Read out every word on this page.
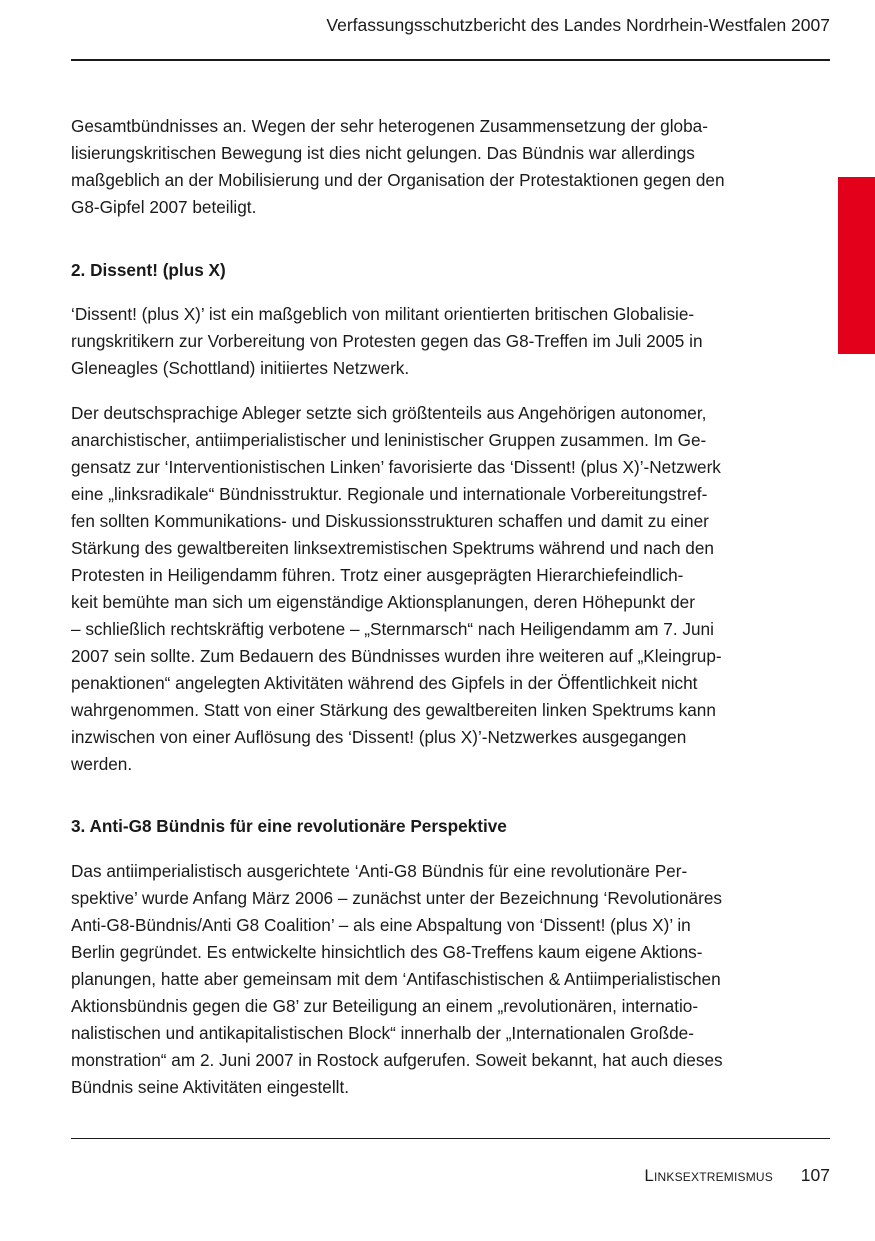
Verfassungsschutzbericht des Landes Nordrhein-Westfalen 2007
Gesamtbündnisses an. Wegen der sehr heterogenen Zusammensetzung der globa-
lisierungskritischen Bewegung ist dies nicht gelungen. Das Bündnis war allerdings
maßgeblich an der Mobilisierung und der Organisation der Protestaktionen gegen den
G8-Gipfel 2007 beteiligt.
2. Dissent! (plus X)
‘Dissent! (plus X)’ ist ein maßgeblich von militant orientierten britischen Globalisie-
rungskritikern zur Vorbereitung von Protesten gegen das G8-Treffen im Juli 2005 in
Gleneagles (Schottland) initiiertes Netzwerk.
Der deutschsprachige Ableger setzte sich größtenteils aus Angehörigen autonomer,
anarchistischer, antiimperialistischer und leninistischer Gruppen zusammen. Im Ge-
gensatz zur ‘Interventionistischen Linken’ favorisierte das ‘Dissent! (plus X)’-Netzwerk
eine „linksradikale“ Bündnisstruktur. Regionale und internationale Vorbereitungstref-
fen sollten Kommunikations- und Diskussionsstrukturen schaffen und damit zu einer
Stärkung des gewaltbereiten linksextremistischen Spektrums während und nach den
Protesten in Heiligendamm führen. Trotz einer ausgeprägten Hierarchiefeindlich-
keit bemühte man sich um eigenständige Aktionsplanungen, deren Höhepunkt der
– schließlich rechtskräftig verbotene – „Sternmarsch“ nach Heiligendamm am 7. Juni
2007 sein sollte. Zum Bedauern des Bündnisses wurden ihre weiteren auf „Kleingrup-
penaktionen“ angelegten Aktivitäten während des Gipfels in der Öffentlichkeit nicht
wahrgenommen. Statt von einer Stärkung des gewaltbereiten linken Spektrums kann
inzwischen von einer Auflösung des ‘Dissent! (plus X)’-Netzwerkes ausgegangen
werden.
3. Anti-G8 Bündnis für eine revolutionäre Perspektive
Das antiimperialistisch ausgerichtete ‘Anti-G8 Bündnis für eine revolutionäre Per-
spektive’ wurde Anfang März 2006 – zunächst unter der Bezeichnung ‘Revolutionäres
Anti-G8-Bündnis/Anti G8 Coalition’ – als eine Abspaltung von ‘Dissent! (plus X)’ in
Berlin gegründet. Es entwickelte hinsichtlich des G8-Treffens kaum eigene Aktions-
planungen, hatte aber gemeinsam mit dem ‘Antifaschistischen & Antiimperialistischen
Aktionsbündnis gegen die G8’ zur Beteiligung an einem „revolutionären, internatio-
nalistischen und antikapitalistischen Block“ innerhalb der „Internationalen Großde-
monstration“ am 2. Juni 2007 in Rostock aufgerufen. Soweit bekannt, hat auch dieses
Bündnis seine Aktivitäten eingestellt.
Linksextremismus 107
